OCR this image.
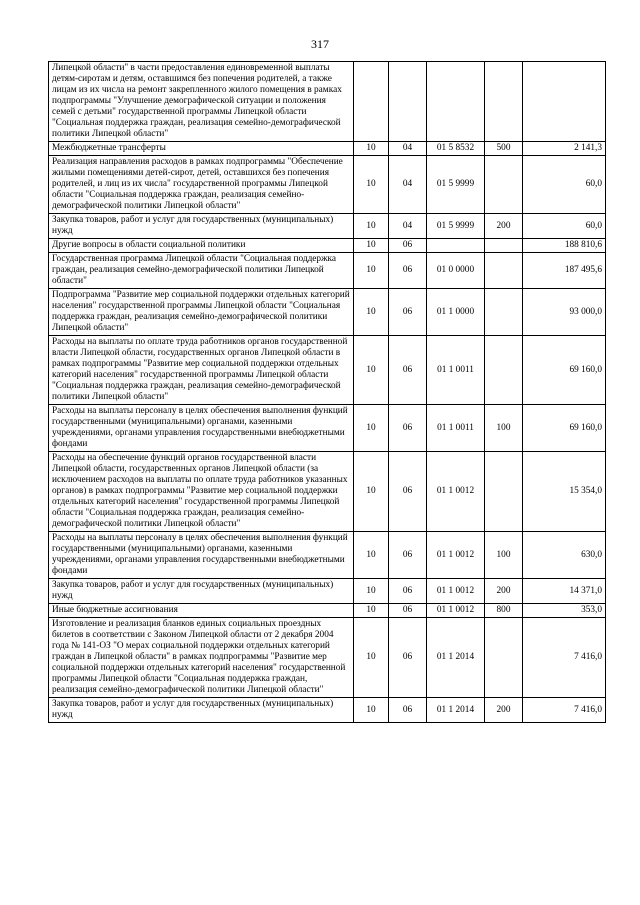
317
Липецкой области" в части предоставления единовременной выплаты детям-сиротам и детям, оставшимся без попечения родителей, а также лицам из их числа на ремонт закрепленного жилого помещения в рамках подпрограммы "Улучшение демографической ситуации и положения семей с детьми" государственной программы Липецкой области "Социальная поддержка граждан, реализация семейно-демографической политики Липецкой области"					
Межбюджетные трансферты	10	04	01 5 8532	500	2 141,3
Реализация направления расходов в рамках подпрограммы "Обеспечение жилыми помещениями детей-сирот, детей, оставшихся без попечения родителей, и лиц из их числа" государственной программы Липецкой области "Социальная поддержка граждан, реализация семейно-демографической политики Липецкой области"	10	04	01 5 9999		60,0
Закупка товаров, работ и услуг для государственных (муниципальных) нужд	10	04	01 5 9999	200	60,0
Другие вопросы в области социальной политики	10	06			188 810,6
Государственная программа Липецкой области "Социальная поддержка граждан, реализация семейно-демографической политики Липецкой области"	10	06	01 0 0000		187 495,6
Подпрограмма "Развитие мер социальной поддержки отдельных категорий населения" государственной программы Липецкой области "Социальная поддержка граждан, реализация семейно-демографической политики Липецкой области"	10	06	01 1 0000		93 000,0
Расходы на выплаты по оплате труда работников органов государственной власти Липецкой области, государственных органов Липецкой области в рамках подпрограммы "Развитие мер социальной поддержки отдельных категорий населения" государственной программы Липецкой области "Социальная поддержка граждан, реализация семейно-демографической политики Липецкой области"	10	06	01 1 0011		69 160,0
Расходы на выплаты персоналу в целях обеспечения выполнения функций государственными (муниципальными) органами, казенными учреждениями, органами управления государственными внебюджетными фондами	10	06	01 1 0011	100	69 160,0
Расходы на обеспечение функций органов государственной власти Липецкой области, государственных органов Липецкой области (за исключением расходов на выплаты по оплате труда работников указанных органов) в рамках подпрограммы "Развитие мер социальной поддержки отдельных категорий населения" государственной программы Липецкой области "Социальная поддержка граждан, реализация семейно-демографической политики Липецкой области"	10	06	01 1 0012		15 354,0
Расходы на выплаты персоналу в целях обеспечения выполнения функций государственными (муниципальными) органами, казенными учреждениями, органами управления государственными внебюджетными фондами	10	06	01 1 0012	100	630,0
Закупка товаров, работ и услуг для государственных (муниципальных) нужд	10	06	01 1 0012	200	14 371,0
Иные бюджетные ассигнования	10	06	01 1 0012	800	353,0
Изготовление и реализация бланков единых социальных проездных билетов в соответствии с Законом Липецкой области от 2 декабря 2004 года № 141-ОЗ "О мерах социальной поддержки отдельных категорий граждан в Липецкой области" в рамках подпрограммы "Развитие мер социальной поддержки отдельных категорий населения" государственной программы Липецкой области "Социальная поддержка граждан, реализация семейно-демографической политики Липецкой области"	10	06	01 1 2014		7 416,0
Закупка товаров, работ и услуг для государственных (муниципальных) нужд	10	06	01 1 2014	200	7 416,0
